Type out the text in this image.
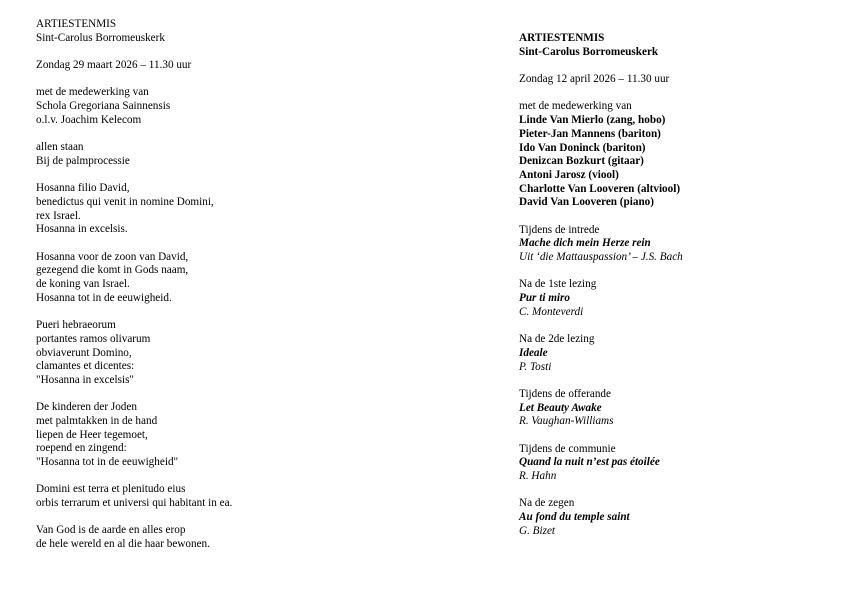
ARTIESTENMIS
Sint-Carolus Borromeuskerk
Zondag 29 maart 2026 – 11.30 uur
met de medewerking van
Schola Gregoriana Sainnensis
o.l.v. Joachim Kelecom
allen staan
Bij de palmprocessie
Hosanna filio David,
benedictus qui venit in nomine Domini,
rex Israel.
Hosanna in excelsis.
Hosanna voor de zoon van David,
gezegend die komt in Gods naam,
de koning van Israel.
Hosanna tot in de eeuwigheid.
Pueri hebraeorum
portantes ramos olivarum
obviaverunt Domino,
clamantes et dicentes:
"Hosanna in excelsis"
De kinderen der Joden
met palmtakken in de hand
liepen de Heer tegemoet,
roepend en zingend:
"Hosanna tot in de eeuwigheid"
Domini est terra et plenitudo eius
orbis terrarum et universi qui habitant in ea.
Van God is de aarde en alles erop
de hele wereld en al die haar bewonen.
ARTIESTENMIS
Sint-Carolus Borromeuskerk
Zondag 12 april 2026 – 11.30 uur
met de medewerking van
Linde Van Mierlo (zang, hobo)
Pieter-Jan Mannens (bariton)
Ido Van Doninck (bariton)
Denizcan Bozkurt (gitaar)
Antoni Jarosz (viool)
Charlotte Van Looveren (altviool)
David Van Looveren (piano)
Tijdens de intrede
Mache dich mein Herze rein
Uit ‘die Mattauspassion’ – J.S. Bach
Na de 1ste lezing
Pur ti miro
C. Monteverdi
Na de 2de lezing
Ideale
P. Tosti
Tijdens de offerande
Let Beauty Awake
R. Vaughan-Williams
Tijdens de communie
Quand la nuit n’est pas étoilée
R. Hahn
Na de zegen
Au fond du temple saint
G. Bizet
